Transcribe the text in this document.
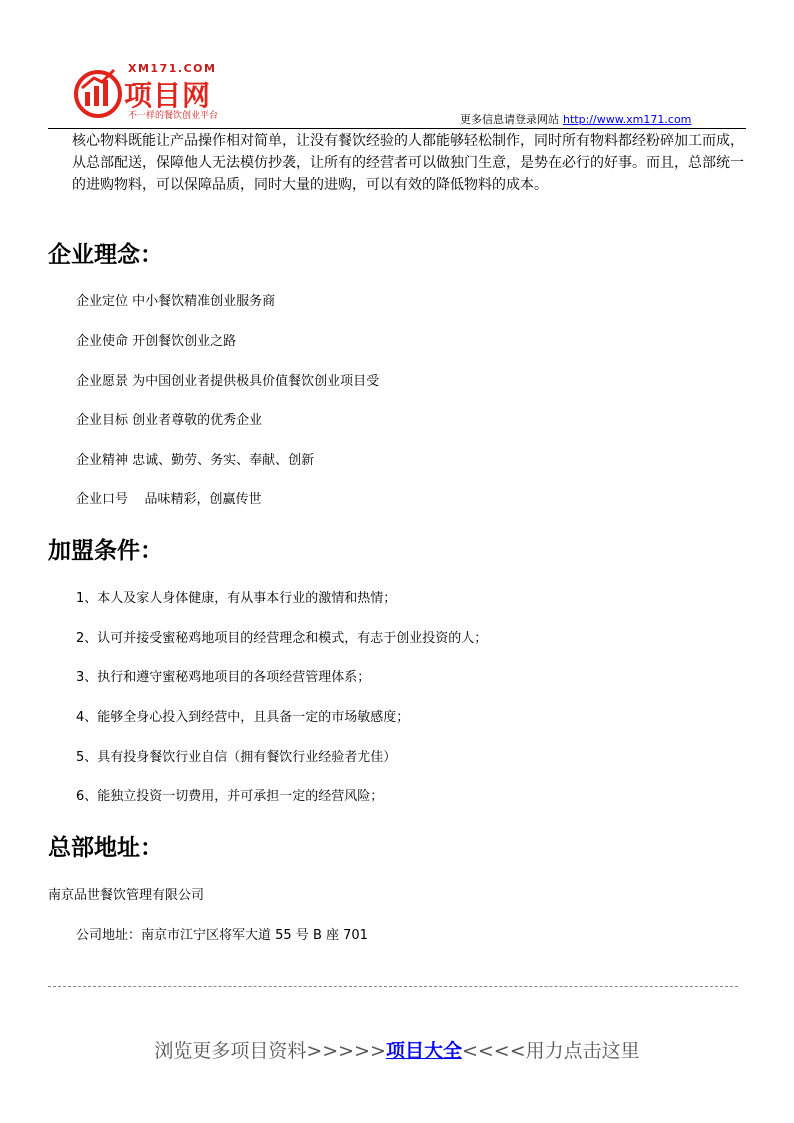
XM171.COM
项目网
不一样的餐饮创业平台	更多信息请登录网站 http://www.xm171.com

核心物料既能让产品操作相对简单，让没有餐饮经验的人都能够轻松制作，同时所有物料都经粉碎加工而成，从总部配送，保障他人无法模仿抄袭，让所有的经营者可以做独门生意，是势在必行的好事。而且，总部统一的进购物料，可以保障品质，同时大量的进购，可以有效的降低物料的成本。

企业理念：
企业定位 中小餐饮精准创业服务商
企业使命 开创餐饮创业之路
企业愿景 为中国创业者提供极具价值餐饮创业项目受
企业目标 创业者尊敬的优秀企业
企业精神 忠诚、勤劳、务实、奉献、创新
企业口号    品味精彩，创赢传世
加盟条件：
1、本人及家人身体健康，有从事本行业的激情和热情；
2、认可并接受蜜秘鸡地项目的经营理念和模式，有志于创业投资的人；
3、执行和遵守蜜秘鸡地项目的各项经营管理体系；
4、能够全身心投入到经营中，且具备一定的市场敏感度；
5、具有投身餐饮行业自信（拥有餐饮行业经验者尤佳）
6、能独立投资一切费用，并可承担一定的经营风险；
总部地址：
南京品世餐饮管理有限公司
公司地址：南京市江宁区将军大道 55 号 B 座 701
浏览更多项目资料>>>>>项目大全<<<<用力点击这里
